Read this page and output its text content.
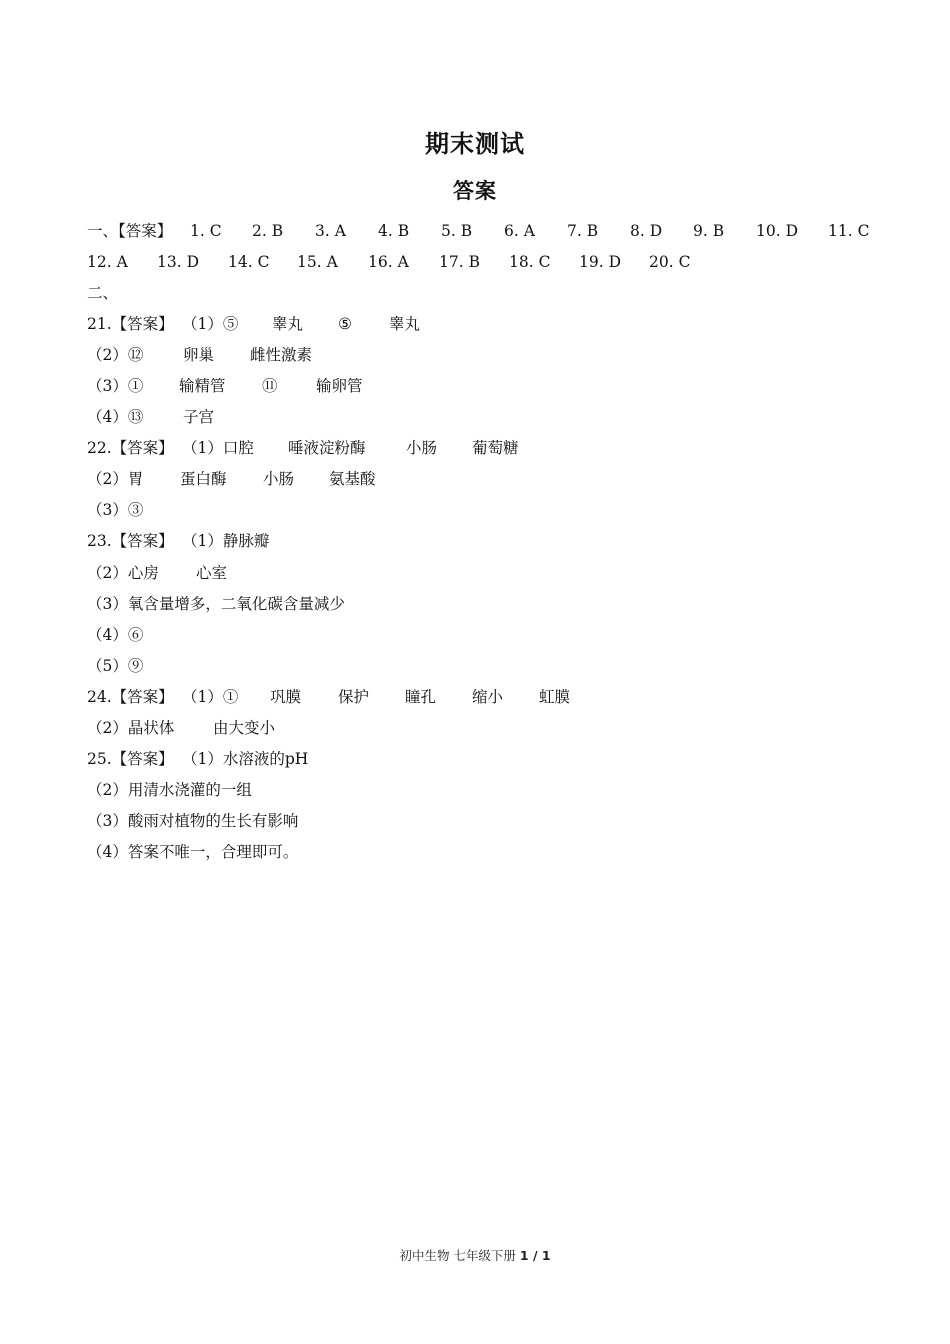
期末测试
答案
一、【答案】 1. C 2. B 3. A 4. B 5. B 6. A 7. B 8. D 9. B 10. D 11. C
12. A 13. D 14. C 15. A 16. A 17. B 18. C 19. D 20. C
二、
21.【答案】 （1）⑤ 睾丸 ⑤ 睾丸
（2）⑫	卵巢 雌性激素
（3）① 输精管 ⑪ 输卵管
（4）⑬	子宫
22.【答案】 （1）口腔 唾液淀粉酶	小肠 葡萄糖
（2）胃 蛋白酶 小肠 氨基酸
（3）③
23.【答案】 （1）静脉瓣
（2）心房 心室
（3）氧含量增多，二氧化碳含量减少
（4）⑥
（5）⑨
24.【答案】 （1）① 巩膜 保护 瞳孔 缩小 虹膜
（2）晶状体 由大变小
25.【答案】 （1）水溶液的pH
（2）用清水浇灌的一组
（3）酸雨对植物的生长有影响
（4）答案不唯一，合理即可。
初中生物 七年级下册 1 / 1
